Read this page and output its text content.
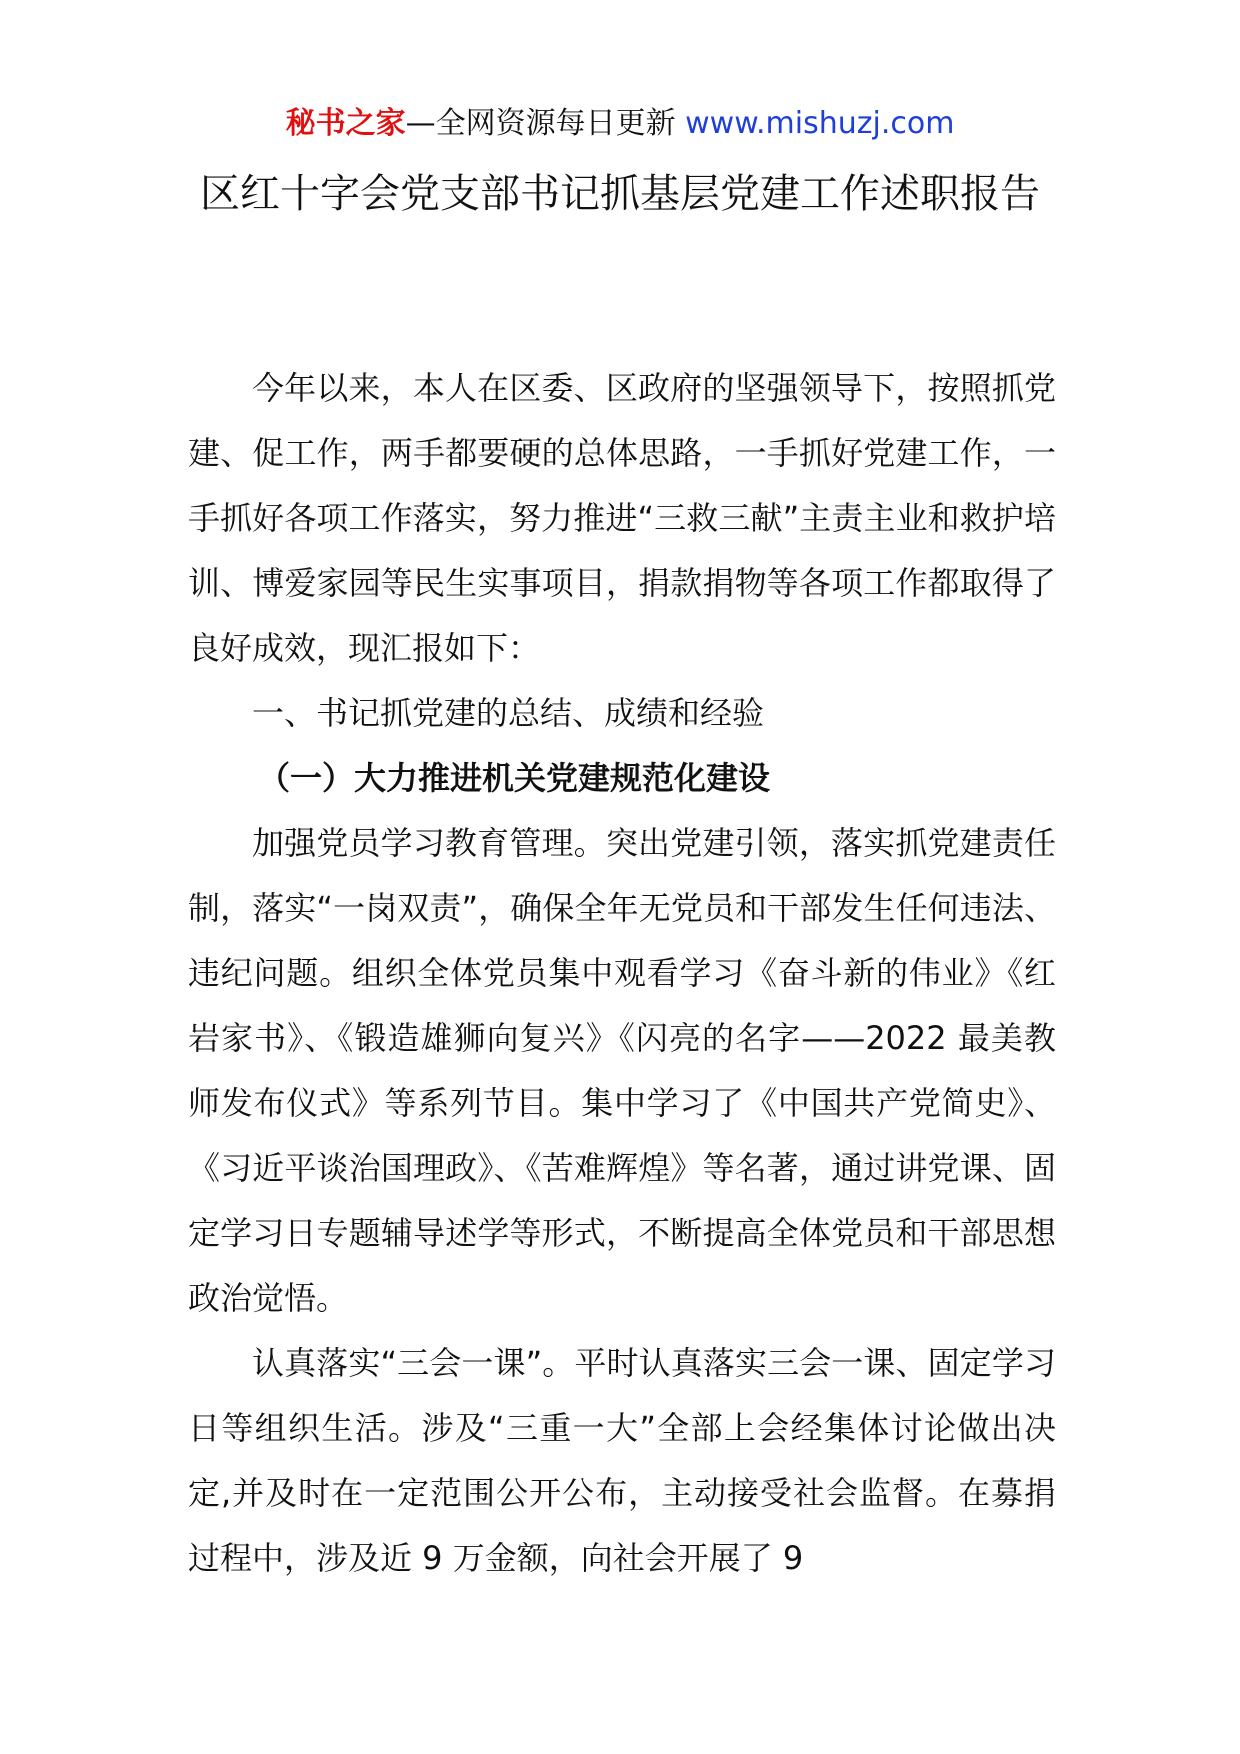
秘书之家—全网资源每日更新 www.mishuzj.com
区红十字会党支部书记抓基层党建工作述职报告

今年以来，本人在区委、区政府的坚强领导下，按照抓党建、促工作，两手都要硬的总体思路，一手抓好党建工作，一手抓好各项工作落实，努力推进“三救三献”主责主业和救护培训、博爱家园等民生实事项目，捐款捐物等各项工作都取得了良好成效，现汇报如下：

一、书记抓党建的总结、成绩和经验

（一）大力推进机关党建规范化建设

加强党员学习教育管理。突出党建引领，落实抓党建责任制，落实“一岗双责”，确保全年无党员和干部发生任何违法、违纪问题。组织全体党员集中观看学习《奋斗新的伟业》《红岩家书》、《锻造雄狮向复兴》《闪亮的名字——2022 最美教师发布仪式》等系列节目。集中学习了《中国共产党简史》、《习近平谈治国理政》、《苦难辉煌》等名著，通过讲党课、固定学习日专题辅导述学等形式，不断提高全体党员和干部思想政治觉悟。

认真落实“三会一课”。平时认真落实三会一课、固定学习日等组织生活。涉及“三重一大”全部上会经集体讨论做出决定,并及时在一定范围公开公布，主动接受社会监督。在募捐过程中，涉及近 9 万金额，向社会开展了 9
